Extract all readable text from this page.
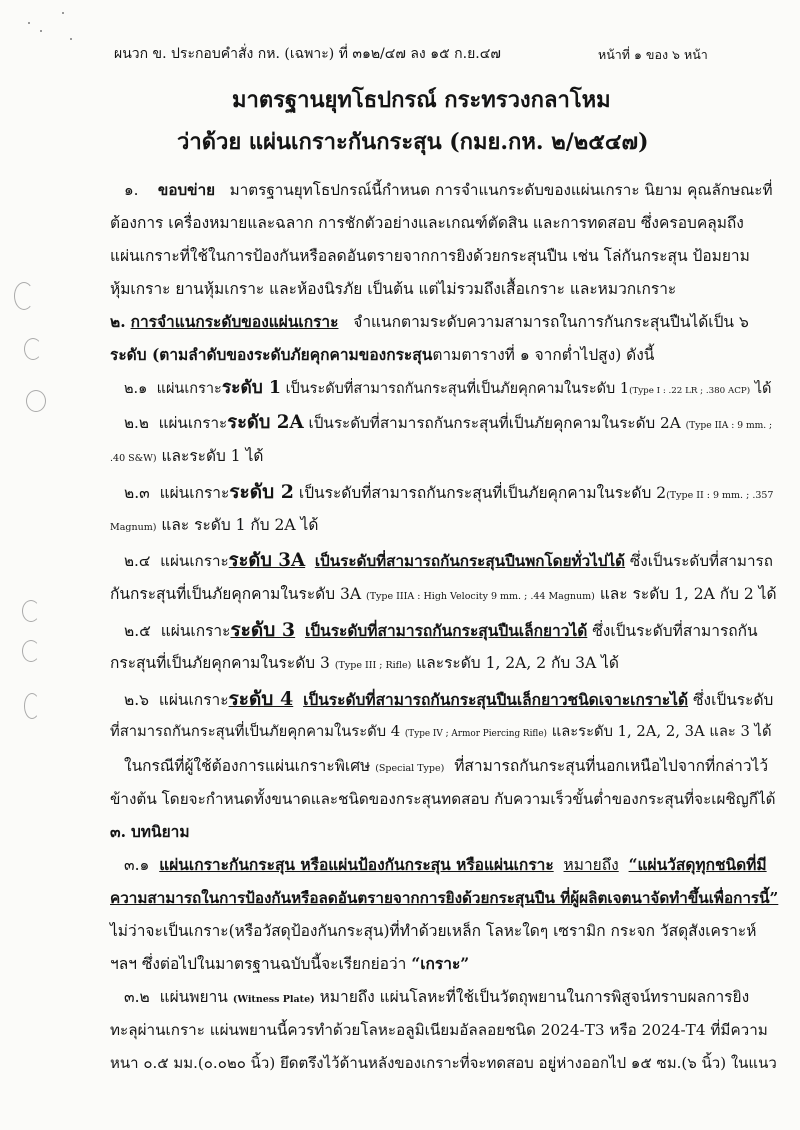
ผนวก ข. ประกอบคำสั่ง กห. (เฉพาะ) ที่ ๓๑๒/๔๗ ลง ๑๕ ก.ย.๔๗	หน้าที่ ๑ ของ ๖ หน้า
มาตรฐานยุทโธปกรณ์ กระทรวงกลาโหม
ว่าด้วย แผ่นเกราะกันกระสุน (กมย.กห. ๒/๒๕๔๗)
๑. ขอบข่าย มาตรฐานยุทโธปกรณ์นี้กำหนด การจำแนกระดับของแผ่นเกราะ นิยาม คุณลักษณะที่
ต้องการ เครื่องหมายและฉลาก การชักตัวอย่างและเกณฑ์ตัดสิน และการทดสอบ ซึ่งครอบคลุมถึง
แผ่นเกราะที่ใช้ในการป้องกันหรือลดอันตรายจากการยิงด้วยกระสุนปืน เช่น โล่กันกระสุน ป้อมยาม
หุ้มเกราะ ยานหุ้มเกราะ และห้องนิรภัย เป็นต้น แต่ไม่รวมถึงเสื้อเกราะ และหมวกเกราะ
๒. การจำแนกระดับของแผ่นเกราะ จำแนกตามระดับความสามารถในการกันกระสุนปืนได้เป็น ๖
ระดับ (ตามลำดับของระดับภัยคุกคามของกระสุนตามตารางที่ ๑ จากต่ำไปสูง) ดังนี้
๒.๑ แผ่นเกราะระดับ 1 เป็นระดับที่สามารถกันกระสุนที่เป็นภัยคุกคามในระดับ 1(Type I : .22 LR ; .380 ACP) ได้
๒.๒ แผ่นเกราะระดับ 2A เป็นระดับที่สามารถกันกระสุนที่เป็นภัยคุกคามในระดับ 2A (Type IIA : 9 mm. ;
.40 S&W) และระดับ 1 ได้
๒.๓ แผ่นเกราะระดับ 2 เป็นระดับที่สามารถกันกระสุนที่เป็นภัยคุกคามในระดับ 2(Type II : 9 mm. ; .357
Magnum) และ ระดับ 1 กับ 2A ได้
๒.๔ แผ่นเกราะระดับ 3A เป็นระดับที่สามารถกันกระสุนปืนพกโดยทั่วไปได้ ซึ่งเป็นระดับที่สามารถ
กันกระสุนที่เป็นภัยคุกคามในระดับ 3A (Type IIIA : High Velocity 9 mm. ; .44 Magnum) และ ระดับ 1, 2A กับ 2 ได้
๒.๕ แผ่นเกราะระดับ 3 เป็นระดับที่สามารถกันกระสุนปืนเล็กยาวได้ ซึ่งเป็นระดับที่สามารถกัน
กระสุนที่เป็นภัยคุกคามในระดับ 3 (Type III ; Rifle) และระดับ 1, 2A, 2 กับ 3A ได้
๒.๖ แผ่นเกราะระดับ 4 เป็นระดับที่สามารถกันกระสุนปืนเล็กยาวชนิดเจาะเกราะได้ ซึ่งเป็นระดับ
ที่สามารถกันกระสุนที่เป็นภัยคุกคามในระดับ 4 (Type IV ; Armor Piercing Rifle) และระดับ 1, 2A, 2, 3A และ 3 ได้
ในกรณีที่ผู้ใช้ต้องการแผ่นเกราะพิเศษ (Special Type) ที่สามารถกันกระสุนที่นอกเหนือไปจากที่กล่าวไว้
ข้างต้น โดยจะกำหนดทั้งขนาดและชนิดของกระสุนทดสอบ กับความเร็วขั้นต่ำของกระสุนที่จะเผชิญกีได้
๓. บทนิยาม
๓.๑ แผ่นเกราะกันกระสุน หรือแผ่นป้องกันกระสุน หรือแผ่นเกราะ หมายถึง “แผ่นวัสดุทุกชนิดที่มี
ความสามารถในการป้องกันหรือลดอันตรายจากการยิงด้วยกระสุนปืน ที่ผู้ผลิตเจตนาจัดทำขึ้นเพื่อการนี้”
ไม่ว่าจะเป็นเกราะ(หรือวัสดุป้องกันกระสุน)ที่ทำด้วยเหล็ก โลหะใดๆ เซรามิก กระจก วัสดุสังเคราะห์
ฯลฯ ซึ่งต่อไปในมาตรฐานฉบับนี้จะเรียกย่อว่า “เกราะ”
๓.๒ แผ่นพยาน (Witness Plate) หมายถึง แผ่นโลหะที่ใช้เป็นวัตถุพยานในการพิสูจน์ทราบผลการยิง
ทะลุผ่านเกราะ แผ่นพยานนี้ควรทำด้วยโลหะอลูมิเนียมอัลลอยชนิด 2024-T3 หรือ 2024-T4 ที่มีความ
หนา ๐.๕ มม.(๐.๐๒๐ นิ้ว) ยึดตรึงไว้ด้านหลังของเกราะที่จะทดสอบ อยู่ห่างออกไป ๑๕ ซม.(๖ นิ้ว) ในแนว
